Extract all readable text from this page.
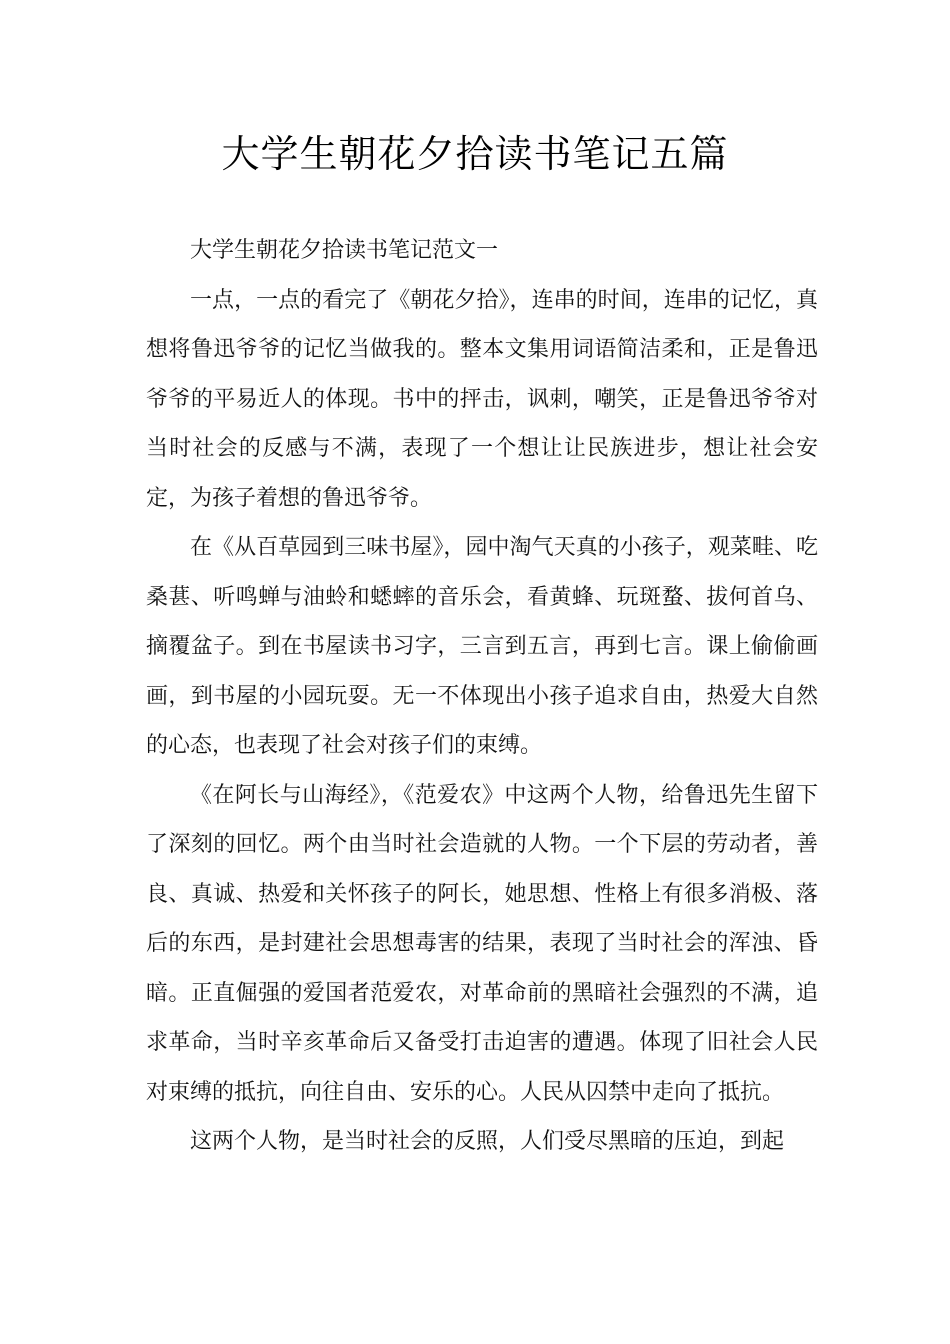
大学生朝花夕拾读书笔记五篇

大学生朝花夕拾读书笔记范文一

一点，一点的看完了《朝花夕拾》，连串的时间，连串的记忆，真想将鲁迅爷爷的记忆当做我的。整本文集用词语简洁柔和，正是鲁迅爷爷的平易近人的体现。书中的抨击，讽刺，嘲笑，正是鲁迅爷爷对当时社会的反感与不满，表现了一个想让让民族进步，想让社会安定，为孩子着想的鲁迅爷爷。

在《从百草园到三味书屋》，园中淘气天真的小孩子，观菜畦、吃桑葚、听鸣蝉与油蛉和蟋蟀的音乐会，看黄蜂、玩斑蝥、拔何首乌、摘覆盆子。到在书屋读书习字，三言到五言，再到七言。课上偷偷画画，到书屋的小园玩耍。无一不体现出小孩子追求自由，热爱大自然的心态，也表现了社会对孩子们的束缚。

《在阿长与山海经》，《范爱农》中这两个人物，给鲁迅先生留下了深刻的回忆。两个由当时社会造就的人物。一个下层的劳动者，善良、真诚、热爱和关怀孩子的阿长，她思想、性格上有很多消极、落后的东西，是封建社会思想毒害的结果，表现了当时社会的浑浊、昏暗。正直倔强的爱国者范爱农，对革命前的黑暗社会强烈的不满，追求革命，当时辛亥革命后又备受打击迫害的遭遇。体现了旧社会人民对束缚的抵抗，向往自由、安乐的心。人民从囚禁中走向了抵抗。

这两个人物，是当时社会的反照，人们受尽黑暗的压迫，到起
